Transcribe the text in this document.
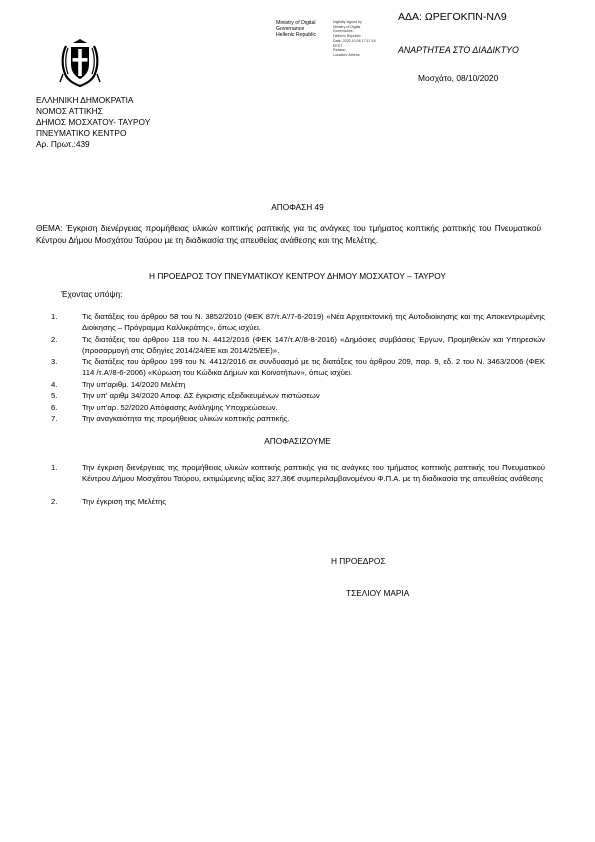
ΑΔΑ: ΩΡΕΓΟΚΠΝ-ΝΛ9
Ministry of Digital
Governance
Hellenic Republic
Digitally signed by
Ministry of Digital
Governance,
Hellenic Republic
Date: 2020.10.08 17:17:16
EEST
Reason:
Location: Athens	ΑΝΑΡΤΗΤΕΑ ΣΤΟ ΔΙΑΔΙΚΤΥΟ
Μοσχάτο, 08/10/2020
ΕΛΛΗΝΙΚΗ ΔΗΜΟΚΡΑΤΙΑ
ΝΟΜΟΣ ΑΤΤΙΚΗΣ
ΔΗΜΟΣ ΜΟΣΧΑΤΟΥ- ΤΑΥΡΟΥ
ΠΝΕΥΜΑΤΙΚΟ ΚΕΝΤΡΟ
Αρ. Πρωτ.:439
ΑΠΟΦΑΣΗ 49
ΘΕΜΑ: Έγκριση διενέργειας προμήθειας υλικών κοπτικής ραπτικής για τις ανάγκες του τμήματος κοπτικής ραπτικής του Πνευματικού Κέντρου Δήμου Μοσχάτου Ταύρου με τη διαδικασία της απευθείας ανάθεσης και της Μελέτης.
Η ΠΡΟΕΔΡΟΣ ΤΟΥ ΠΝΕΥΜΑΤΙΚΟΥ ΚΕΝΤΡΟΥ ΔΗΜΟΥ ΜΟΣΧΑΤΟΥ – ΤΑΥΡΟΥ
Έχοντας υπόψη:
1.	Τις διατάξεις του άρθρου 58 του Ν. 3852/2010 (ΦΕΚ 87/τ.Α'/7-6-2019) «Νέα Αρχιτεκτονική της Αυτοδιοίκησης και της Αποκεντρωμένης Διοίκησης – Πρόγραμμα Καλλικράτης», όπως ισχύει.
2.	Τις διατάξεις του άρθρου 118 του Ν. 4412/2016 (ΦΕΚ 147/τ.Α'/8-8-2016) «Δημόσιες συμβάσεις Έργων, Προμηθειών και Υπηρεσιών (προσαρμογή στις Οδηγίες 2014/24/ΕΕ και 2014/25/ΕΕ)».
3.	Τις διατάξεις του άρθρου 199 του Ν. 4412/2016 σε συνδυασμό με τις διατάξεις του άρθρου 209, παρ. 9, εδ. 2 του Ν. 3463/2006 (ΦΕΚ 114 /τ.Α'/8-6-2006) «Κύρωση του Κώδικα Δήμων και Κοινοτήτων», όπως ισχύει.
4.	Την υπ'αριθμ. 14/2020 Μελέτη
5.	Την υπ' αριθμ 34/2020 Αποφ. ΔΣ έγκρισης εξειδικευμένων πιστώσεων
6.	Την υπ'αρ. 52/2020 Απόφασης Ανάληψης Υποχρεώσεων.
7.	Την αναγκαιότητα της προμήθειας υλικών κοπτικής ραπτικής.
ΑΠΟΦΑΣΙΖΟΥΜΕ
1.	Την έγκριση διενέργειας της προμήθειας υλικών κοπτικής ραπτικής για τις ανάγκες του τμήματος κοπτικής ραπτικής του Πνευματικού Κέντρου Δήμου Μοσχάτου Ταύρου, εκτιμώμενης αξίας 327,36€ συμπεριλαμβανομένου Φ.Π.Α. με τη διαδικασία της απευθείας ανάθεσης
2.	Την έγκριση της Μελέτης
Η ΠΡΟΕΔΡΟΣ
ΤΣΕΛΙΟΥ ΜΑΡΙΑ
